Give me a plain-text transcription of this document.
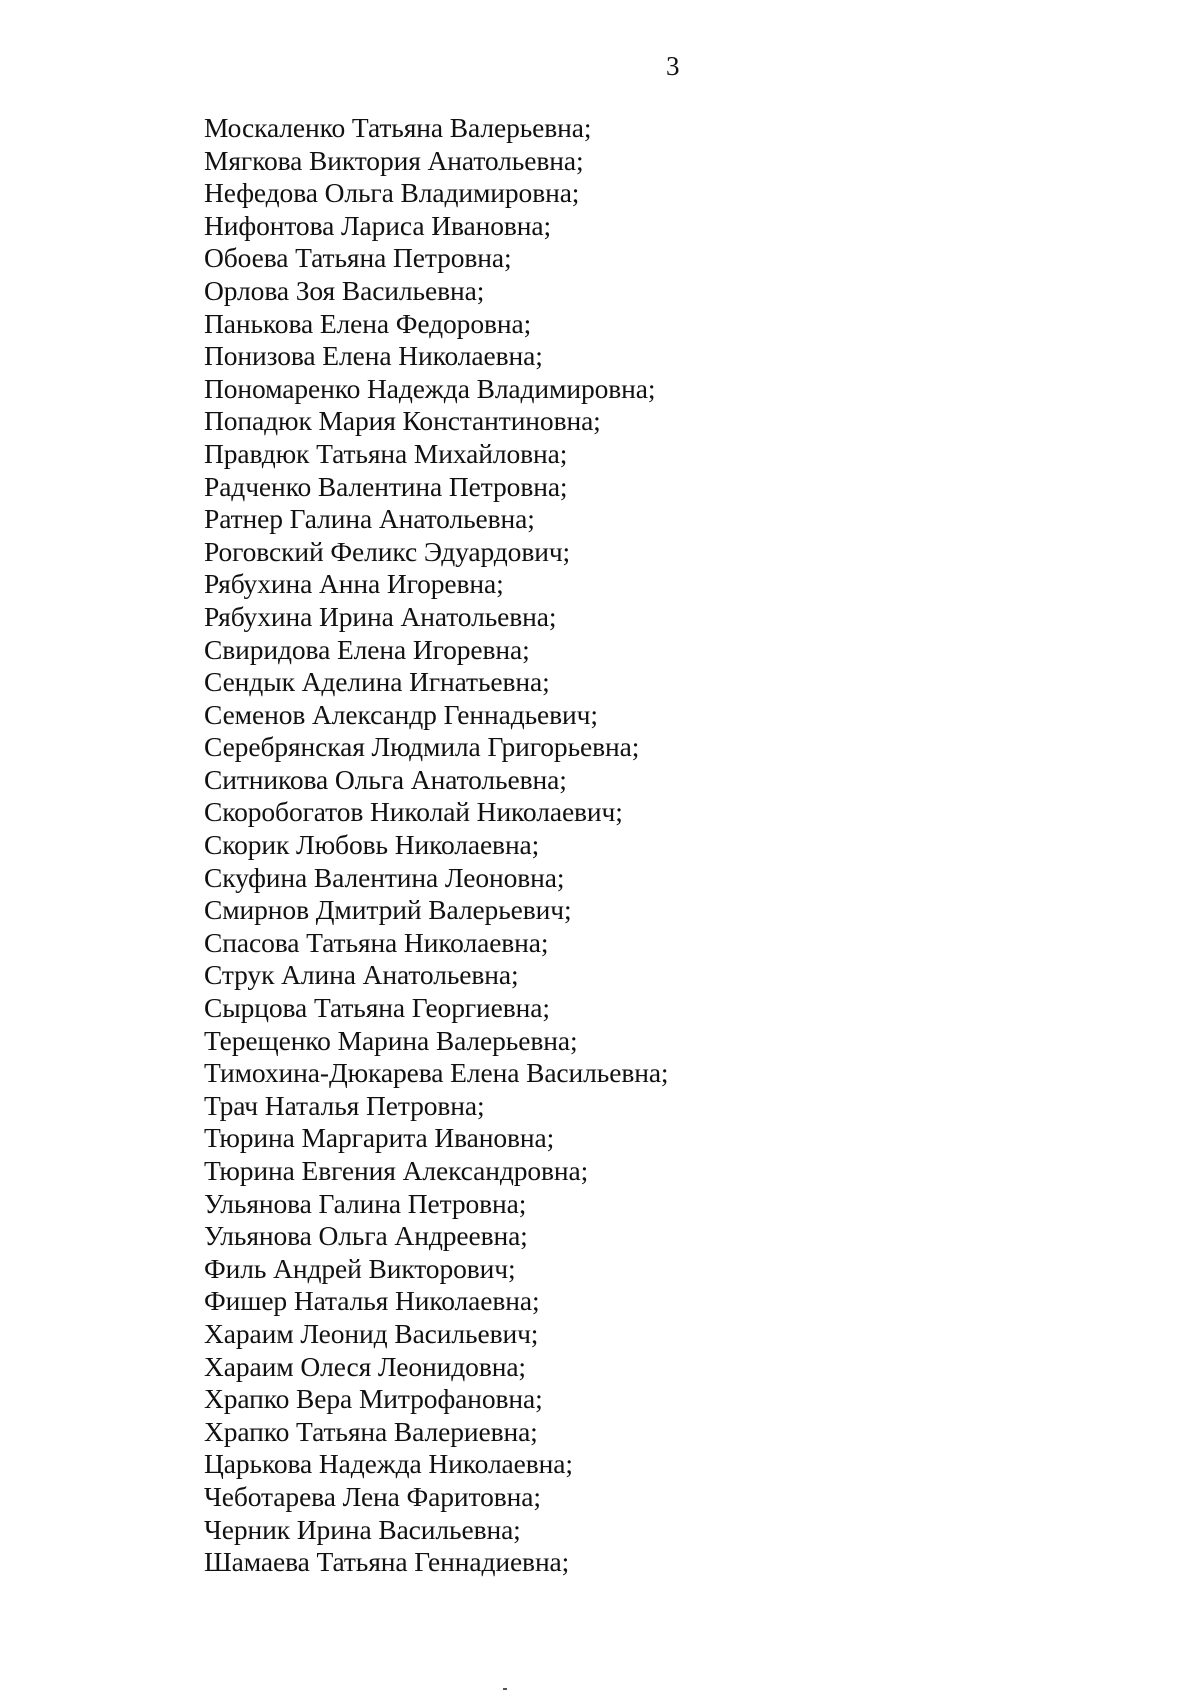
3
Москаленко Татьяна Валерьевна;
Мягкова Виктория Анатольевна;
Нефедова Ольга Владимировна;
Нифонтова Лариса Ивановна;
Обоева Татьяна Петровна;
Орлова Зоя Васильевна;
Панькова Елена Федоровна;
Понизова Елена Николаевна;
Пономаренко Надежда Владимировна;
Попадюк Мария Константиновна;
Правдюк Татьяна Михайловна;
Радченко Валентина Петровна;
Ратнер Галина Анатольевна;
Роговский Феликс Эдуардович;
Рябухина Анна Игоревна;
Рябухина Ирина Анатольевна;
Свиридова Елена Игоревна;
Сендык Аделина Игнатьевна;
Семенов Александр Геннадьевич;
Серебрянская Людмила Григорьевна;
Ситникова Ольга Анатольевна;
Скоробогатов Николай Николаевич;
Скорик Любовь Николаевна;
Скуфина Валентина Леоновна;
Смирнов Дмитрий Валерьевич;
Спасова Татьяна Николаевна;
Струк Алина Анатольевна;
Сырцова Татьяна Георгиевна;
Терещенко Марина Валерьевна;
Тимохина-Дюкарева Елена Васильевна;
Трач Наталья Петровна;
Тюрина Маргарита Ивановна;
Тюрина Евгения Александровна;
Ульянова Галина Петровна;
Ульянова Ольга Андреевна;
Филь Андрей Викторович;
Фишер Наталья Николаевна;
Хараим Леонид Васильевич;
Хараим Олеся Леонидовна;
Храпко Вера Митрофановна;
Храпко Татьяна Валериевна;
Царькова Надежда Николаевна;
Чеботарева Лена Фаритовна;
Черник Ирина Васильевна;
Шамаева Татьяна Геннадиевна;
